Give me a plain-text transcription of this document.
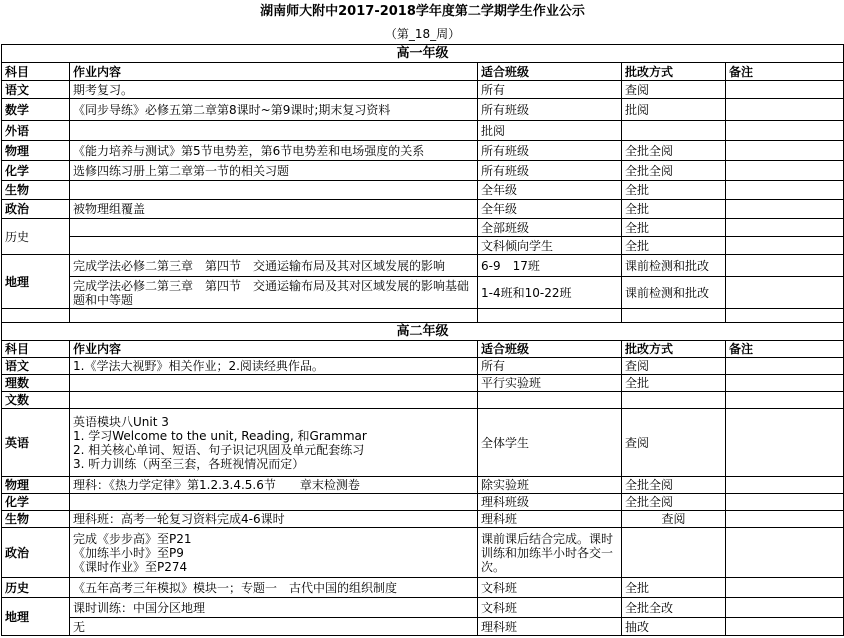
湖南师大附中2017-2018学年度第二学期学生作业公示				
（第_18_周）				
高一年级				
科目	作业内容	适合班级	批改方式	备注
语文	期考复习。	所有	查阅	
数学	《同步导练》必修五第二章第8课时~第9课时;期末复习资料	所有班级	批阅	
外语		批阅		
物理	《能力培养与测试》第5节电势差，第6节电势差和电场强度的关系	所有班级	全批全阅	
化学	选修四练习册上第二章第一节的相关习题	所有班级	全批全阅	
生物		全年级	全批	
政治	被物理组覆盖	全年级	全批	
历史		全部班级	全批	
		文科倾向学生	全批	
地理	完成学法必修二第三章　第四节　交通运输布局及其对区域发展的影响	6-9　17班	课前检测和批改	
	完成学法必修二第三章　第四节　交通运输布局及其对区域发展的影响基础题和中等题	1-4班和10-22班	课前检测和批改	

高二年级				
科目	作业内容	适合班级	批改方式	备注
语文	1.《学法大视野》相关作业；2.阅读经典作品。	所有	查阅	
理数		平行实验班	全批	
文数				
英语	英语模块八Unit 3
1. 学习Welcome to the unit, Reading, 和Grammar
2. 相关核心单词、短语、句子识记巩固及单元配套练习
3. 听力训练（两至三套，各班视情况而定）	全体学生	查阅	
物理	理科：《热力学定律》第1.2.3.4.5.6节　　章末检测卷	除实验班	全批全阅	
化学		理科班级	全批全阅	
生物	理科班：高考一轮复习资料完成4-6课时	理科班	查阅	
政治	完成《步步高》至P21
《加练半小时》至P9
《课时作业》至P274	课前课后结合完成。课时训练和加练半小时各交一次。		
历史	《五年高考三年模拟》模块一；专题一　古代中国的组织制度	文科班	全批	
地理	课时训练：中国分区地理	文科班	全批全改	
	无	理科班	抽改	
